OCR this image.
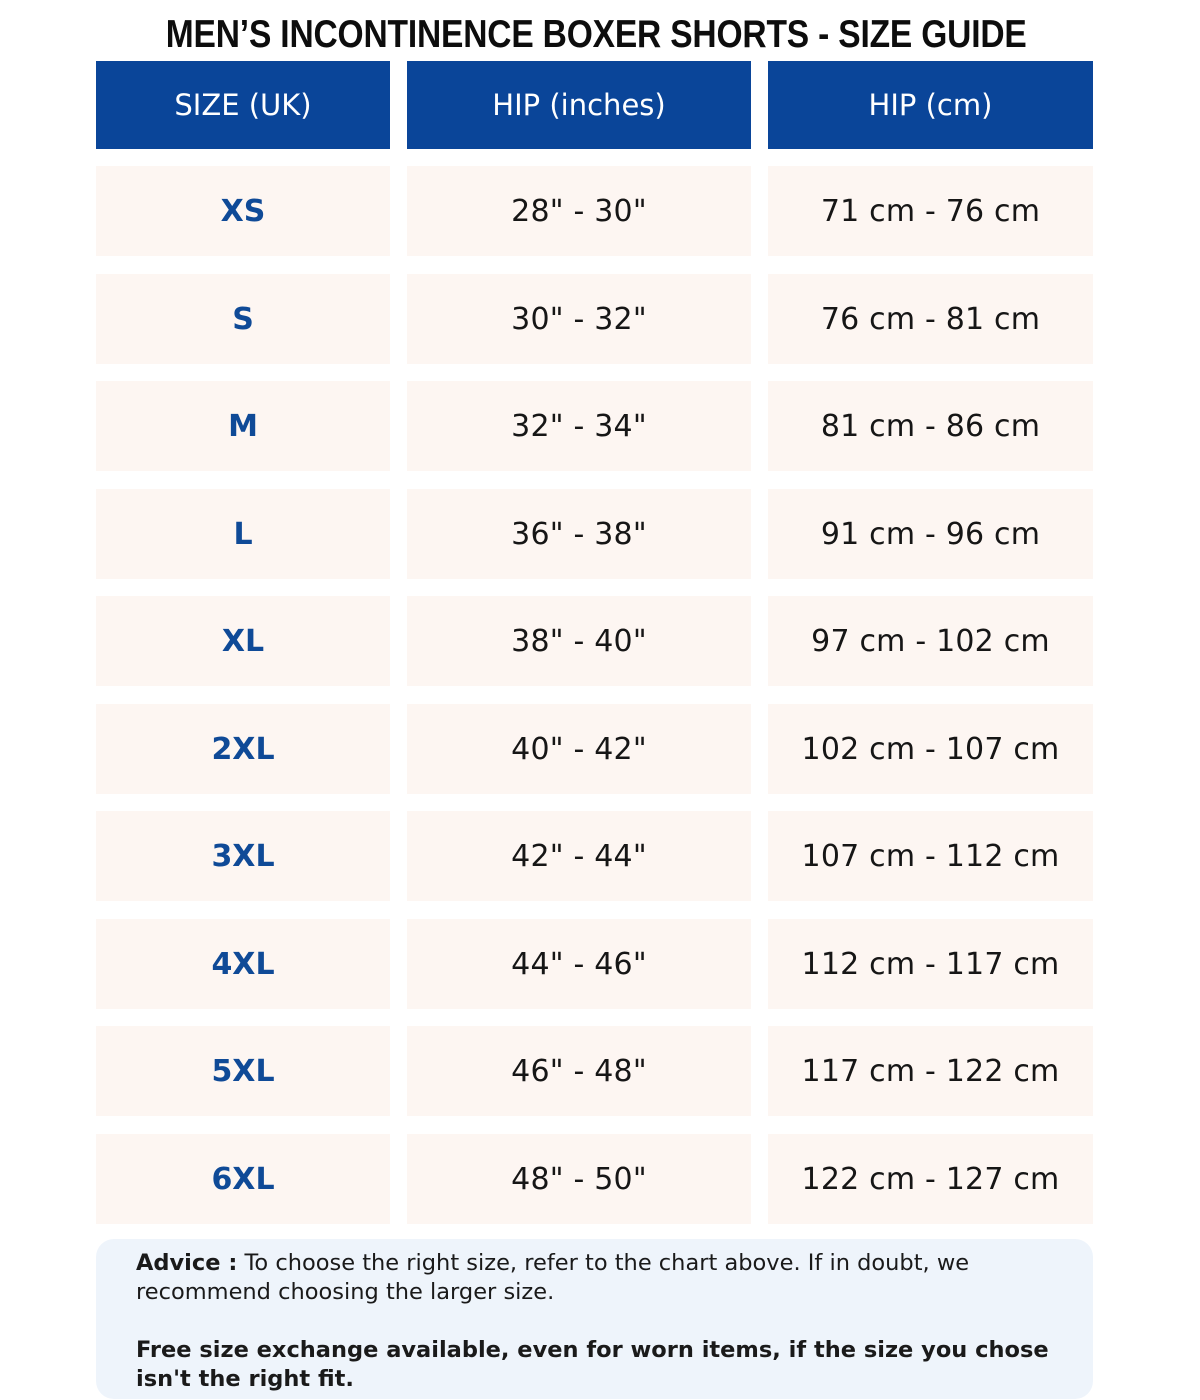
MEN’S INCONTINENCE BOXER SHORTS - SIZE GUIDE
SIZE (UK)	HIP (inches)	HIP (cm)
XS	28" - 30"	71 cm - 76 cm
S	30" - 32"	76 cm - 81 cm
M	32" - 34"	81 cm - 86 cm
L	36" - 38"	91 cm - 96 cm
XL	38" - 40"	97 cm - 102 cm
2XL	40" - 42"	102 cm - 107 cm
3XL	42" - 44"	107 cm - 112 cm
4XL	44" - 46"	112 cm - 117 cm
5XL	46" - 48"	117 cm - 122 cm
6XL	48" - 50"	122 cm - 127 cm

Advice : To choose the right size, refer to the chart above. If in doubt, we recommend choosing the larger size.

Free size exchange available, even for worn items, if the size you chose isn't the right fit.
